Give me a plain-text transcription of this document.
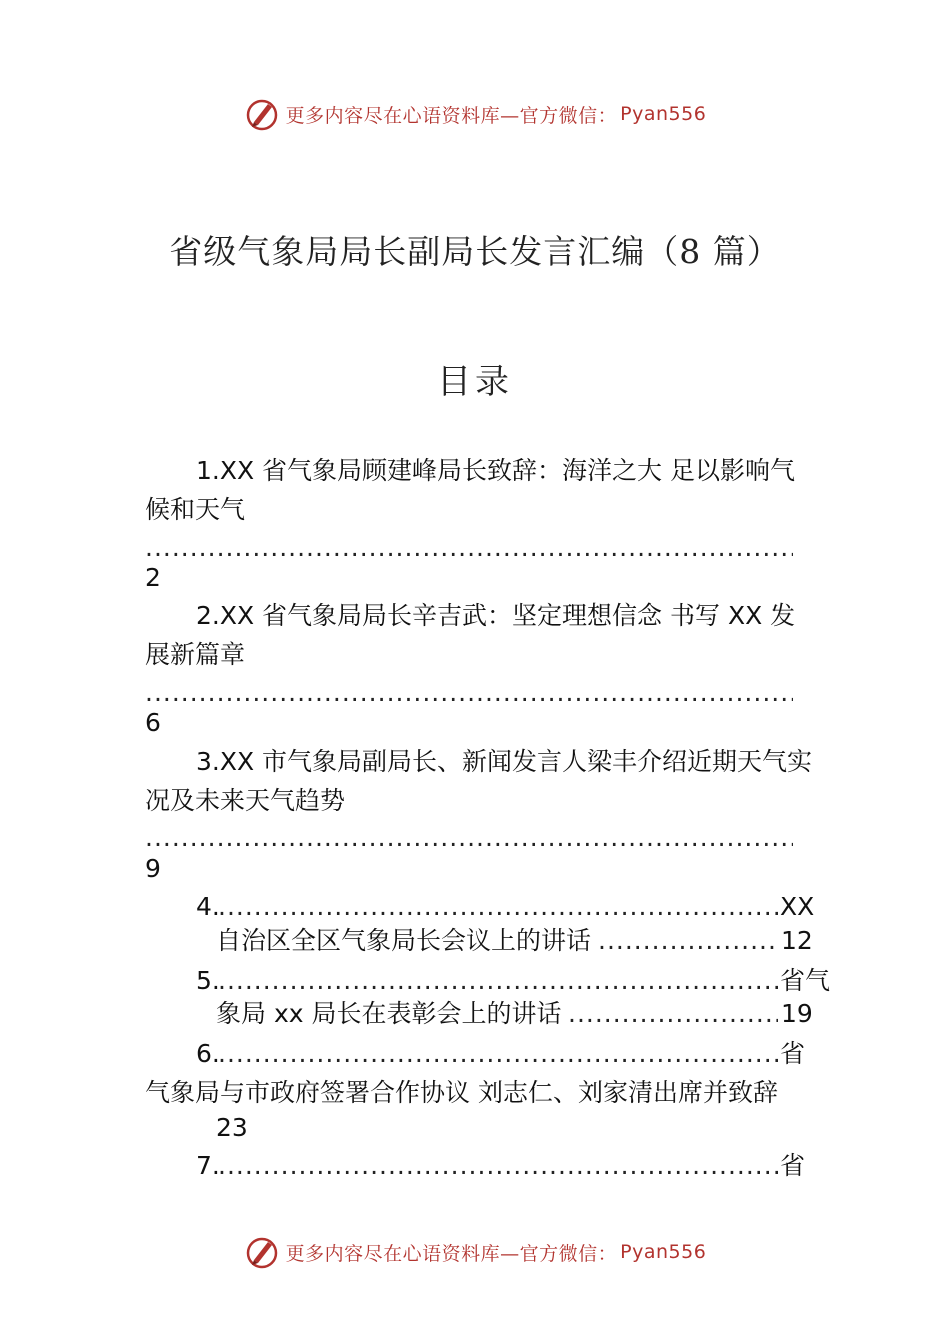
更多内容尽在心语资料库—官方微信： Pyan556
省级气象局局长副局长发言汇编（8 篇）
目录
1.XX 省气象局顾建峰局长致辞：海洋之大 足以影响气
候和天气
.....
2
2.XX 省气象局局长辛吉武：坚定理想信念 书写 XX 发
展新篇章
.....
6
3.XX 市气象局副局长、新闻发言人梁丰介绍近期天气实
况及未来天气趋势
.....
9
4. .....	XX
自治区全区气象局长会议上的讲话 .....	12
5. .....	省气
象局 xx 局长在表彰会上的讲话 .....	19
6. .....	省
气象局与市政府签署合作协议 刘志仁、刘家清出席并致辞
23
7. .....	省
更多内容尽在心语资料库—官方微信： Pyan556
